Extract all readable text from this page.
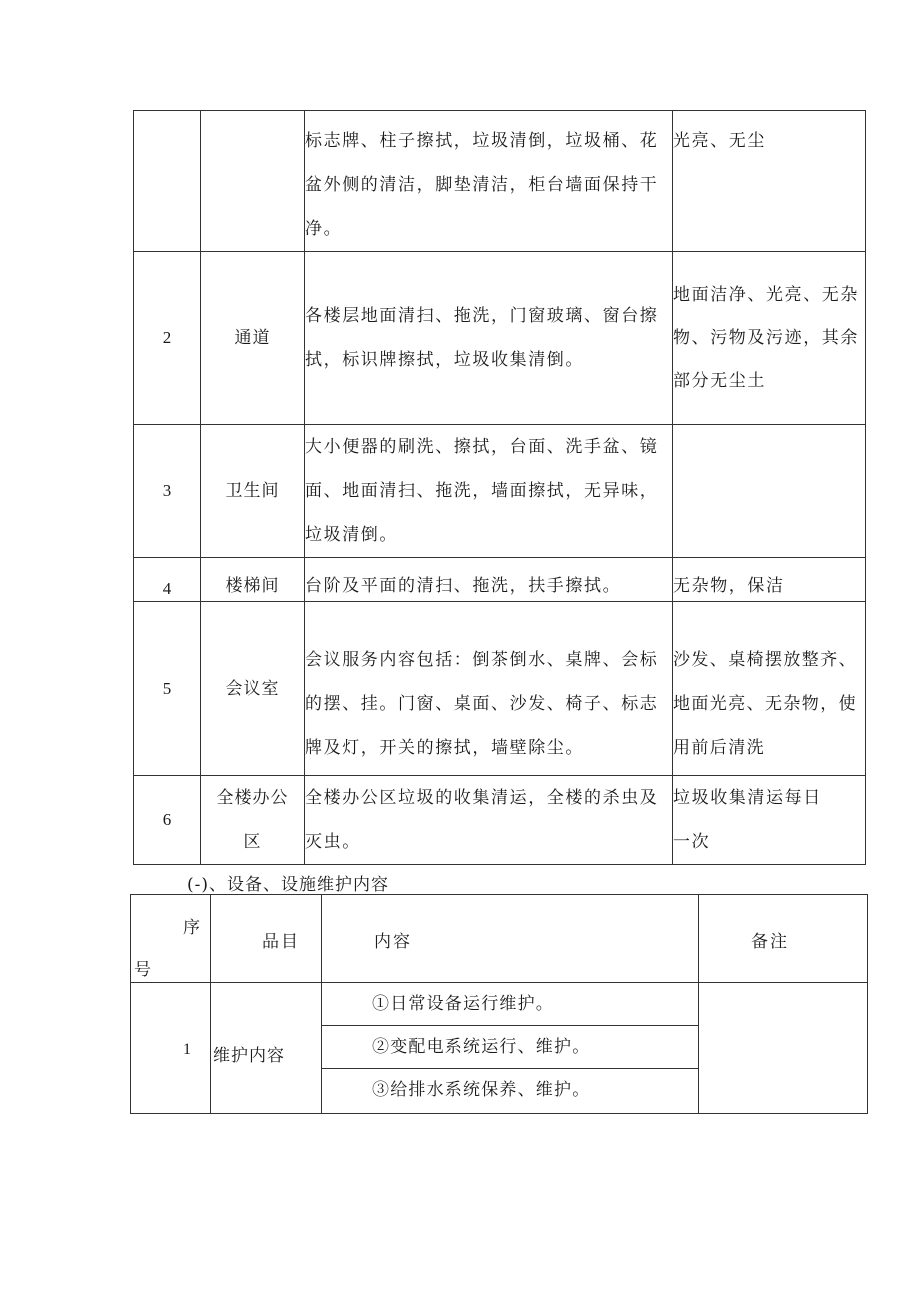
		标志牌、柱子擦拭，垃圾清倒，垃圾桶、花盆外侧的清洁，脚垫清洁，柜台墙面保持干净。	光亮、无尘
2	通道	各楼层地面清扫、拖洗，门窗玻璃、窗台擦拭，标识牌擦拭，垃圾收集清倒。	地面洁净、光亮、无杂物、污物及污迹，其余部分无尘土
3	卫生间	大小便器的刷洗、擦拭，台面、洗手盆、镜面、地面清扫、拖洗，墙面擦拭，无异味，垃圾清倒。	
4	楼梯间	台阶及平面的清扫、拖洗，扶手擦拭。	无杂物，保洁
5	会议室	会议服务内容包括：倒茶倒水、桌牌、会标的摆、挂。门窗、桌面、沙发、椅子、标志牌及灯，开关的擦拭，墙壁除尘。	沙发、桌椅摆放整齐、地面光亮、无杂物，使用前后清洗
6	全楼办公区	全楼办公区垃圾的收集清运，全楼的杀虫及灭虫。	垃圾收集清运每日一次
(-)、设备、设施维护内容
序
号	品目	内容	备注
1	维护内容	①日常设备运行维护。
②变配电系统运行、维护。
③给排水系统保养、维护。	
